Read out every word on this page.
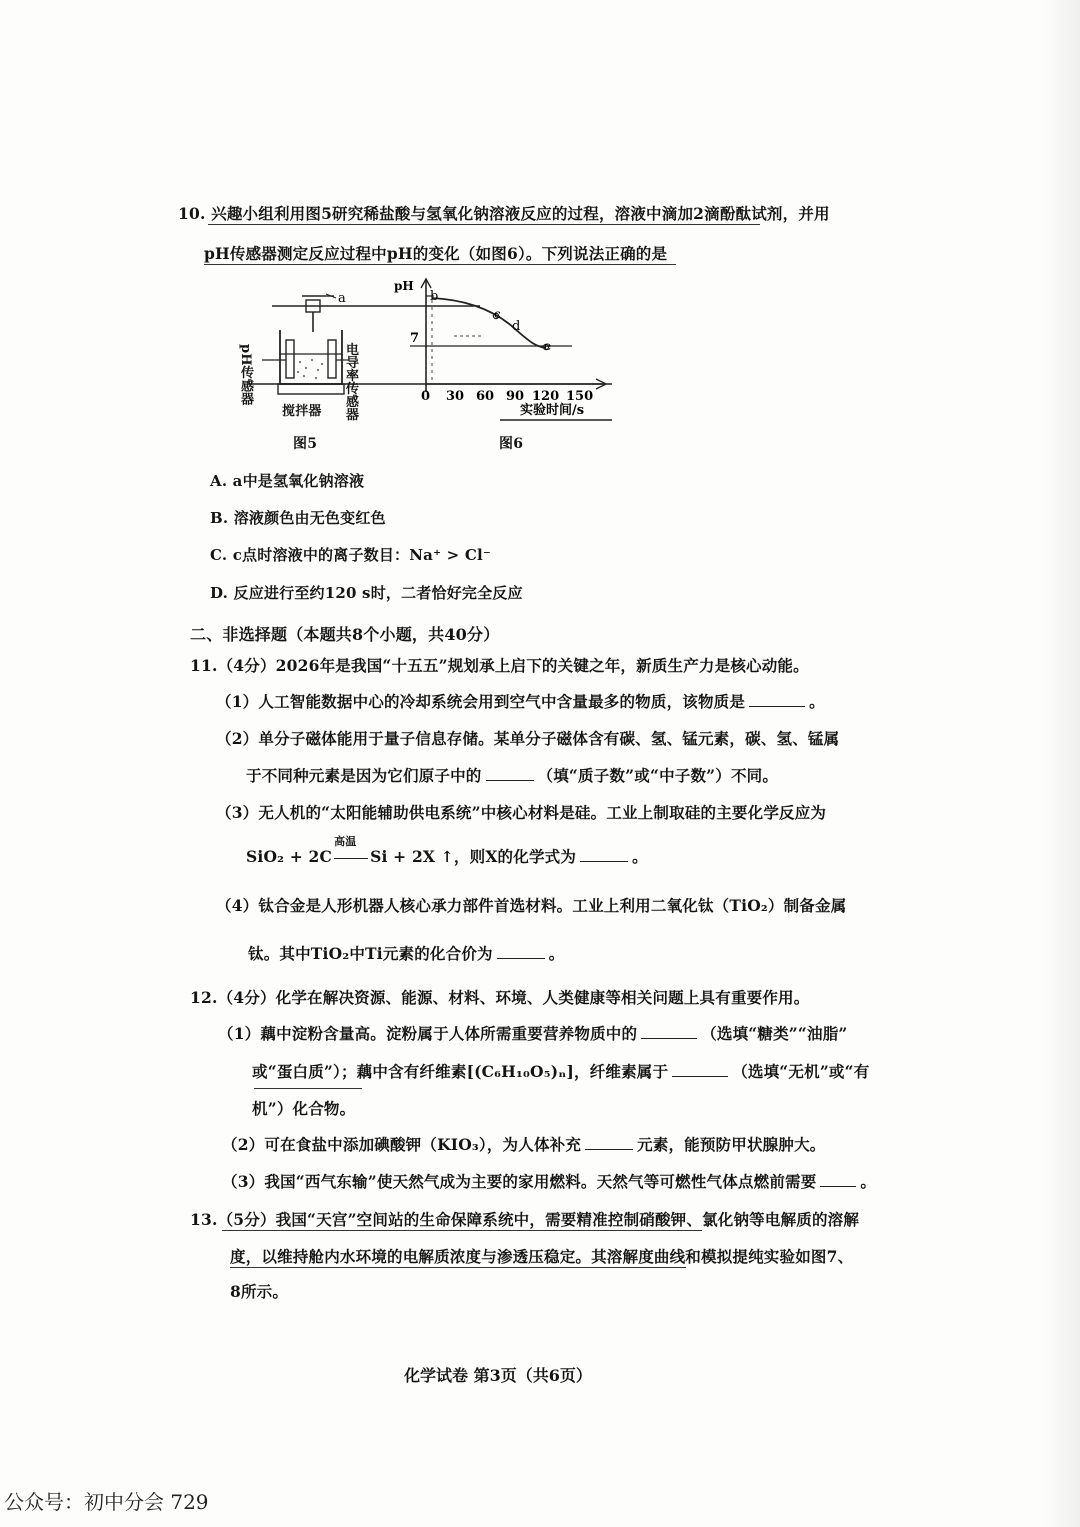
10. 兴趣小组利用图5研究稀盐酸与氢氧化钠溶液反应的过程，溶液中滴加2滴酚酞试剂，并用
pH传感器测定反应过程中pH的变化（如图6）。下列说法正确的是
a
pH
7
b
c
d
e
0 30 60 90 120 150
实验时间/s
pH传感器	电导率传感器
搅拌器
图5	图6
A. a中是氢氧化钠溶液
B. 溶液颜色由无色变红色
C. c点时溶液中的离子数目：Na⁺ > Cl⁻
D. 反应进行至约120 s时，二者恰好完全反应
二、非选择题（本题共8个小题，共40分）
11.（4分）2026年是我国“十五五”规划承上启下的关键之年，新质生产力是核心动能。
（1）人工智能数据中心的冷却系统会用到空气中含量最多的物质，该物质是	。
（2）单分子磁体能用于量子信息存储。某单分子磁体含有碳、氢、锰元素，碳、氢、锰属
于不同种元素是因为它们原子中的	（填“质子数”或“中子数”）不同。
（3）无人机的“太阳能辅助供电系统”中核心材料是硅。工业上制取硅的主要化学反应为
SiO₂ + 2C
高温
Si + 2X ↑，则X的化学式为	。
（4）钛合金是人形机器人核心承力部件首选材料。工业上利用二氧化钛（TiO₂）制备金属
钛。其中TiO₂中Ti元素的化合价为	。
12.（4分）化学在解决资源、能源、材料、环境、人类健康等相关问题上具有重要作用。
（1）藕中淀粉含量高。淀粉属于人体所需重要营养物质中的	（选填“糖类”“油脂”
或“蛋白质”）；藕中含有纤维素[(C₆H₁₀O₅)ₙ]，纤维素属于	（选填“无机”或“有
机”）化合物。
（2）可在食盐中添加碘酸钾（KIO₃），为人体补充	元素，能预防甲状腺肿大。
（3）我国“西气东输”使天然气成为主要的家用燃料。天然气等可燃性气体点燃前需要	。
13.（5分）我国“天宫”空间站的生命保障系统中，需要精准控制硝酸钾、氯化钠等电解质的溶解
度，以维持舱内水环境的电解质浓度与渗透压稳定。其溶解度曲线和模拟提纯实验如图7、
8所示。
化学试卷 第3页（共6页）
公众号：初中分会 729
